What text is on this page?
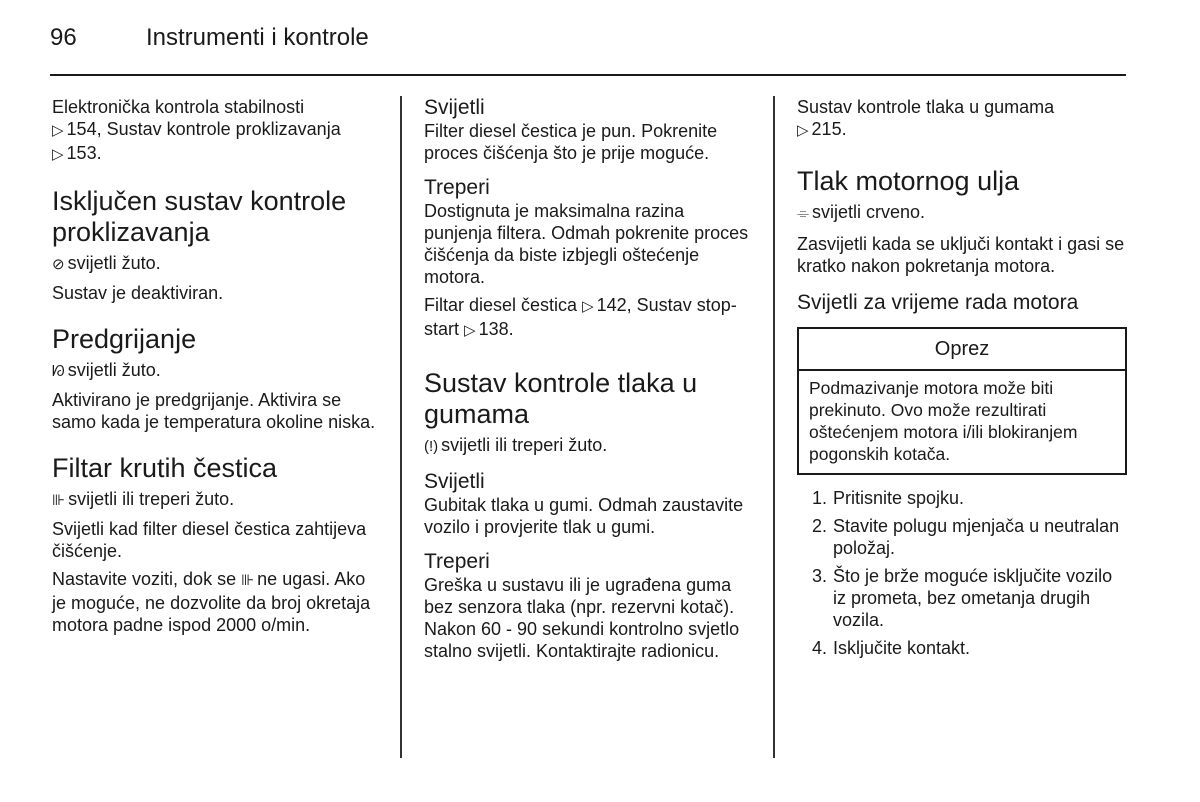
96	Instrumenti i kontrole

Elektronička kontrola stabilnosti
▷ 154, Sustav kontrole proklizavanja
▷ 153.

Isključen sustav kontrole proklizavanja

⊘ svijetli žuto.

Sustav je deaktiviran.

Predgrijanje

ᘗ svijetli žuto.

Aktivirano je predgrijanje. Aktivira se samo kada je temperatura okoline niska.

Filtar krutih čestica

⊪ svijetli ili treperi žuto.

Svijetli kad filter diesel čestica zahtijeva čišćenje.

Nastavite voziti, dok se ⊪ ne ugasi. Ako je moguće, ne dozvolite da broj okretaja motora padne ispod 2000 o/min.

Svijetli

Filter diesel čestica je pun. Pokrenite proces čišćenja što je prije moguće.

Treperi

Dostignuta je maksimalna razina punjenja filtera. Odmah pokrenite proces čišćenja da biste izbjegli oštećenje motora.

Filtar diesel čestica ▷ 142, Sustav stop-start ▷ 138.

Sustav kontrole tlaka u gumama

(!) svijetli ili treperi žuto.

Svijetli

Gubitak tlaka u gumi. Odmah zaustavite vozilo i provjerite tlak u gumi.

Treperi

Greška u sustavu ili je ugrađena guma bez senzora tlaka (npr. rezervni kotač). Nakon 60 - 90 sekundi kontrolno svjetlo stalno svijetli. Kontaktirajte radionicu.

Sustav kontrole tlaka u gumama
▷ 215.

Tlak motornog ulja

⌯ svijetli crveno.

Zasvijetli kada se uključi kontakt i gasi se kratko nakon pokretanja motora.

Svijetli za vrijeme rada motora
Oprez
Podmazivanje motora može biti prekinuto. Ovo može rezultirati oštećenjem motora i/ili blokiranjem pogonskih kotača.
1. Pritisnite spojku.
2. Stavite polugu mjenjača u neutralan položaj.
3. Što je brže moguće isključite vozilo iz prometa, bez ometanja drugih vozila.
4. Isključite kontakt.
